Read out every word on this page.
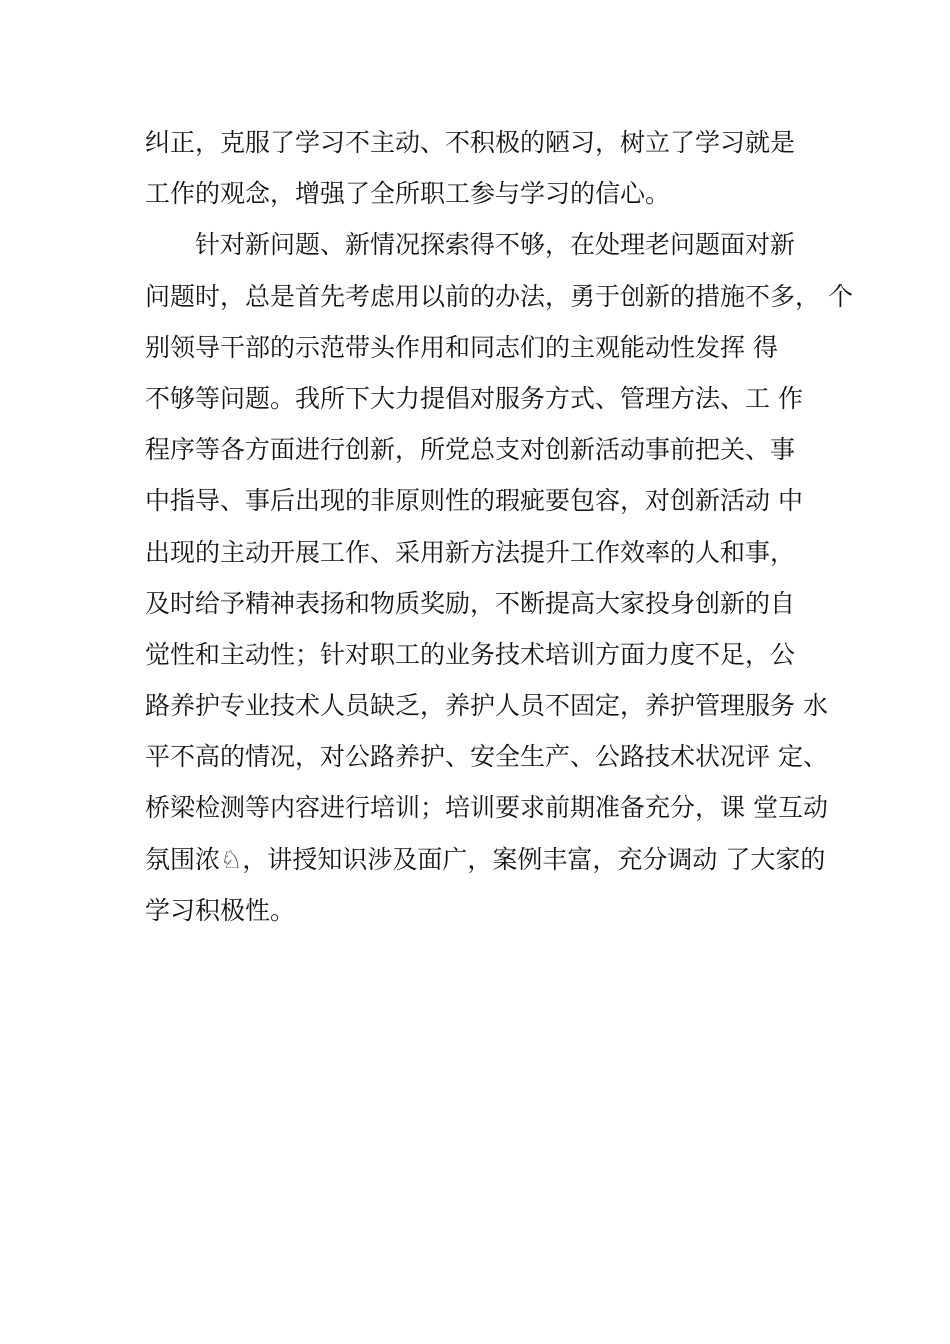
纠正，克服了学习不主动、不积极的陋习，树立了学习就是
工作的观念，增强了全所职工参与学习的信心。
针对新问题、新情况探索得不够，在处理老问题面对新
问题时，总是首先考虑用以前的办法，勇于创新的措施不多， 个
别领导干部的示范带头作用和同志们的主观能动性发挥 得
不够等问题。我所下大力提倡对服务方式、管理方法、工 作
程序等各方面进行创新，所党总支对创新活动事前把关、事
中指导、事后出现的非原则性的瑕疵要包容，对创新活动 中
出现的主动开展工作、采用新方法提升工作效率的人和事，
及时给予精神表扬和物质奖励，不断提高大家投身创新的自
觉性和主动性；针对职工的业务技术培训方面力度不足，公
路养护专业技术人员缺乏，养护人员不固定，养护管理服务 水
平不高的情况，对公路养护、安全生产、公路技术状况评 定、
桥梁检测等内容进行培训；培训要求前期准备充分，课 堂互动
氛围浓♘，讲授知识涉及面广，案例丰富，充分调动 了大家的
学习积极性。
